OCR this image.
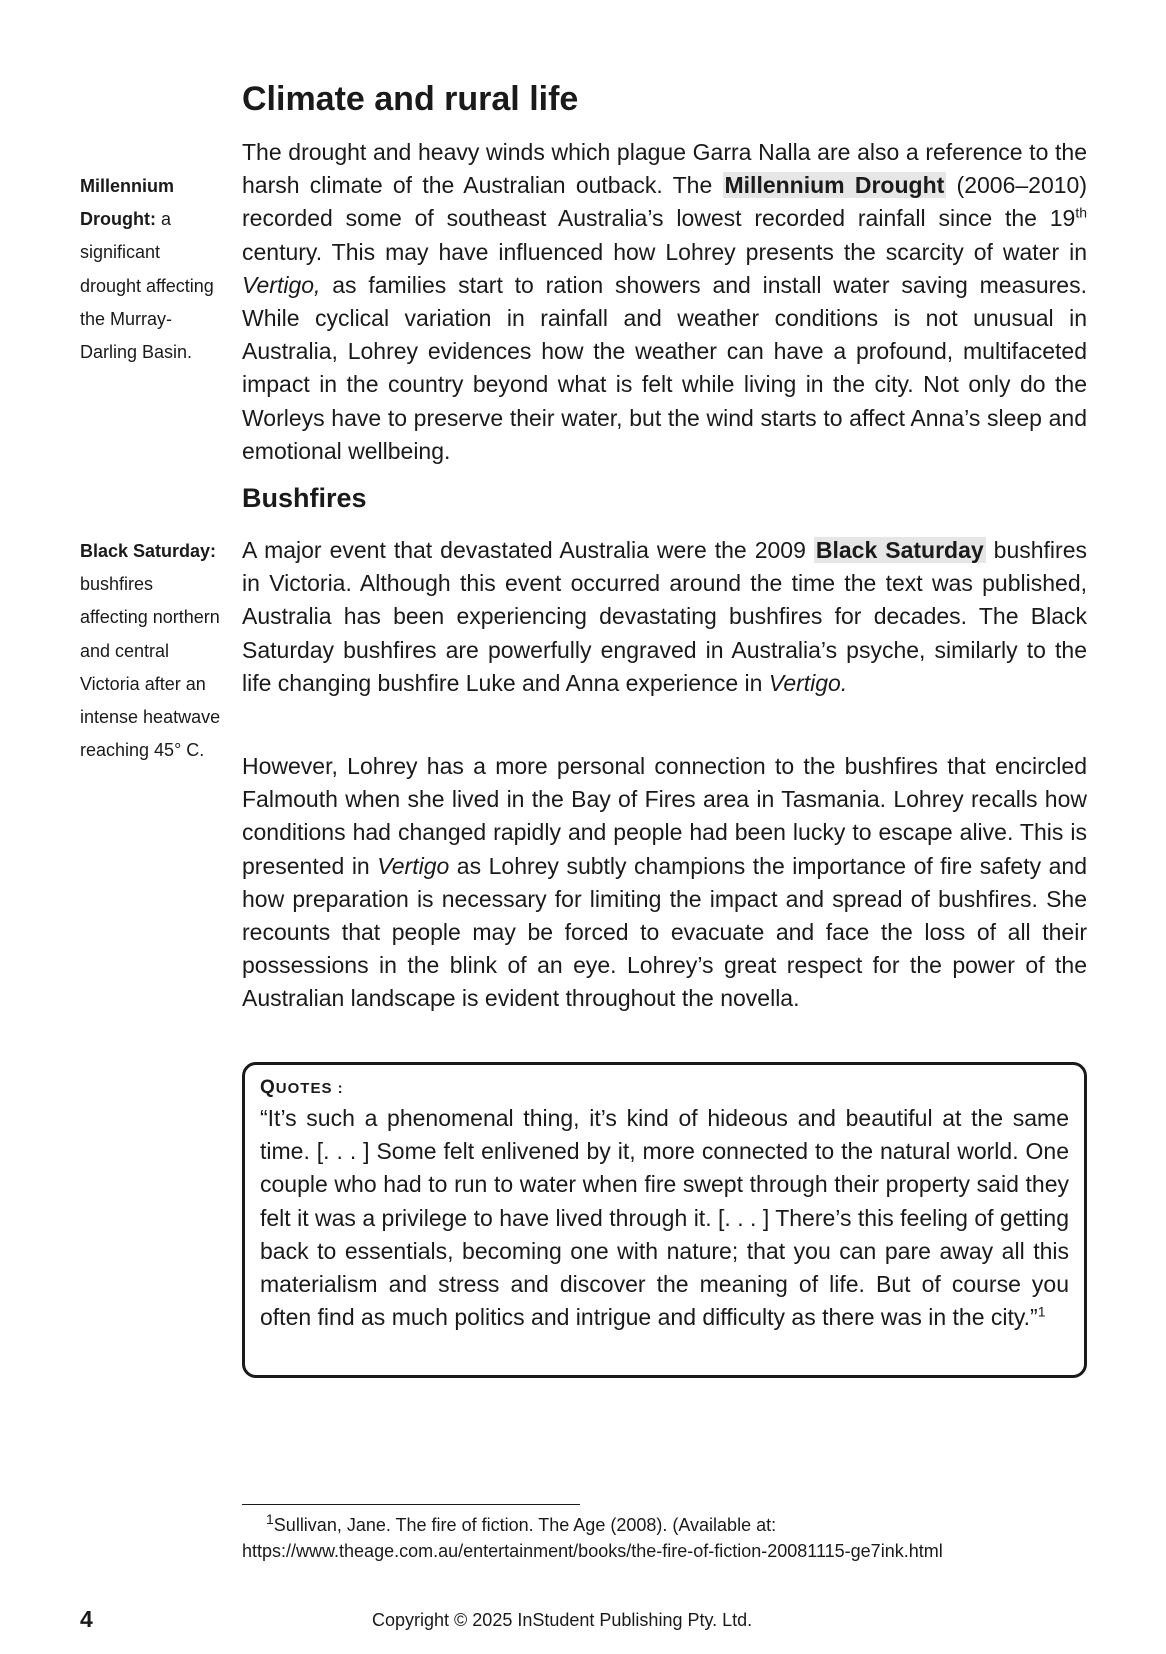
Climate and rural life

The drought and heavy winds which plague Garra Nalla are also a reference to the harsh climate of the Australian outback. The Millennium Drought (2006–2010) recorded some of southeast Australia’s lowest recorded rainfall since the 19th century. This may have influenced how Lohrey presents the scarcity of water in Vertigo, as families start to ration showers and install water saving measures. While cyclical variation in rainfall and weather conditions is not unusual in Australia, Lohrey evidences how the weather can have a profound, multifaceted impact in the country beyond what is felt while living in the city. Not only do the Worleys have to preserve their water, but the wind starts to affect Anna’s sleep and emotional wellbeing.

Millennium Drought: a significant drought affecting the Murray-Darling Basin.

Bushfires

A major event that devastated Australia were the 2009 Black Saturday bushfires in Victoria. Although this event occurred around the time the text was published, Australia has been experiencing devastating bushfires for decades. The Black Saturday bushfires are powerfully engraved in Australia’s psyche, similarly to the life changing bushfire Luke and Anna experience in Vertigo.

Black Saturday: bushfires affecting northern and central Victoria after an intense heatwave reaching 45° C.

However, Lohrey has a more personal connection to the bushfires that encircled Falmouth when she lived in the Bay of Fires area in Tasmania. Lohrey recalls how conditions had changed rapidly and people had been lucky to escape alive. This is presented in Vertigo as Lohrey subtly champions the importance of fire safety and how preparation is necessary for limiting the impact and spread of bushfires. She recounts that people may be forced to evacuate and face the loss of all their possessions in the blink of an eye. Lohrey’s great respect for the power of the Australian landscape is evident throughout the novella.

QUOTES :

“It’s such a phenomenal thing, it’s kind of hideous and beautiful at the same time. [. . . ] Some felt enlivened by it, more connected to the natural world. One couple who had to run to water when fire swept through their property said they felt it was a privilege to have lived through it. [. . . ] There’s this feeling of getting back to essentials, becoming one with nature; that you can pare away all this materialism and stress and discover the meaning of life. But of course you often find as much politics and intrigue and difficulty as there was in the city.”$^1$

$^1$Sullivan, Jane. The fire of fiction. The Age (2008). (Available at:
https://www.theage.com.au/entertainment/books/the-fire-of-fiction-20081115-ge7ink.html
4	Copyright © 2025 InStudent Publishing Pty. Ltd.
